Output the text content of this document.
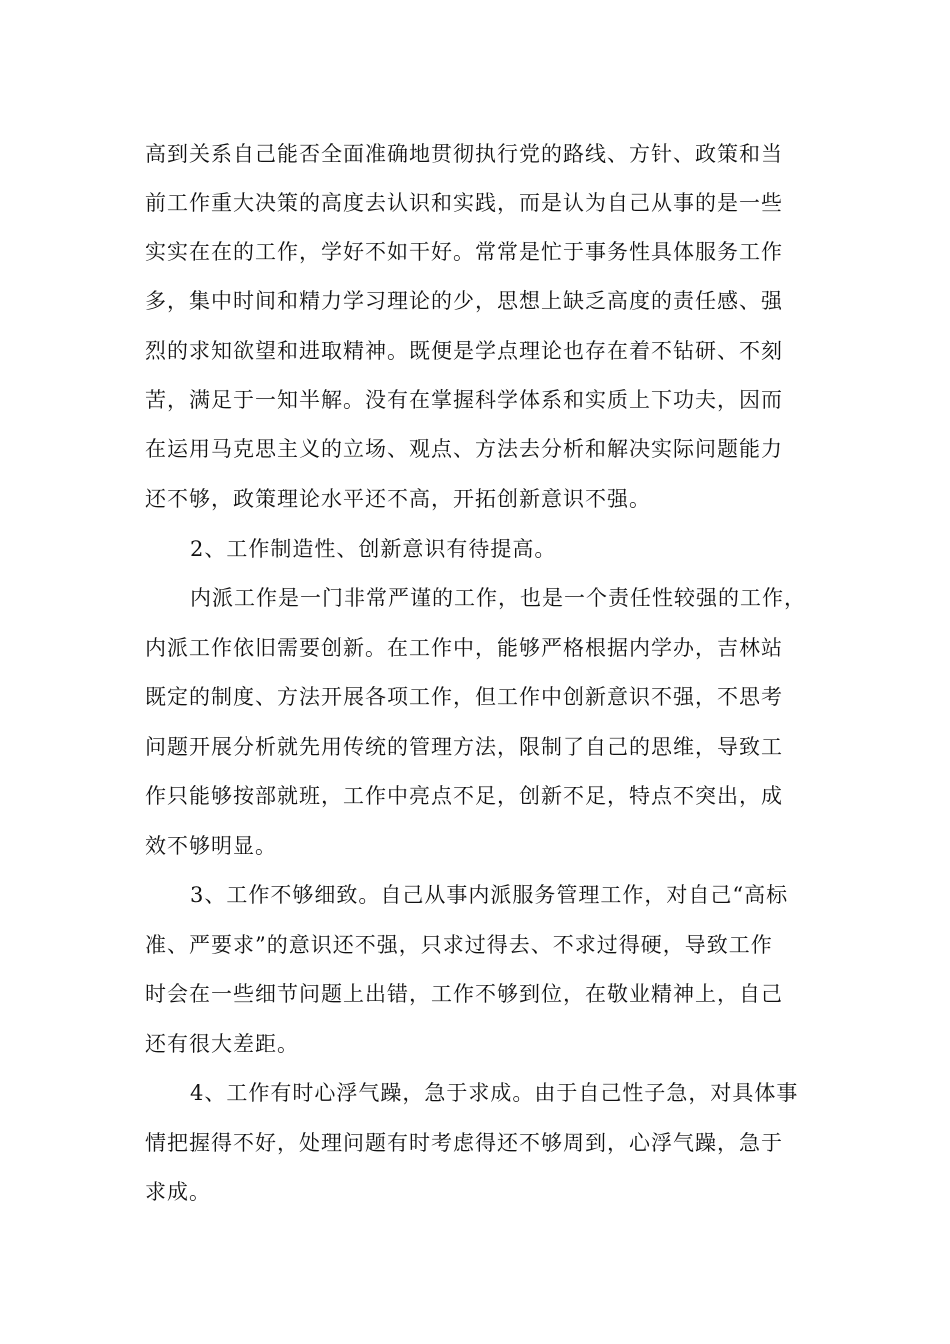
高到关系自己能否全面准确地贯彻执行党的路线、方针、政策和当
前工作重大决策的高度去认识和实践，而是认为自己从事的是一些
实实在在的工作，学好不如干好。常常是忙于事务性具体服务工作
多，集中时间和精力学习理论的少，思想上缺乏高度的责任感、强
烈的求知欲望和进取精神。既便是学点理论也存在着不钻研、不刻
苦，满足于一知半解。没有在掌握科学体系和实质上下功夫，因而
在运用马克思主义的立场、观点、方法去分析和解决实际问题能力
还不够，政策理论水平还不高，开拓创新意识不强。
2、工作制造性、创新意识有待提高。
内派工作是一门非常严谨的工作，也是一个责任性较强的工作，
内派工作依旧需要创新。在工作中，能够严格根据内学办，吉林站
既定的制度、方法开展各项工作，但工作中创新意识不强，不思考
问题开展分析就先用传统的管理方法，限制了自己的思维，导致工
作只能够按部就班，工作中亮点不足，创新不足，特点不突出，成
效不够明显。
3、工作不够细致。自己从事内派服务管理工作，对自己“高标
准、严要求”的意识还不强，只求过得去、不求过得硬，导致工作
时会在一些细节问题上出错，工作不够到位，在敬业精神上，自己
还有很大差距。
4、工作有时心浮气躁，急于求成。由于自己性子急，对具体事
情把握得不好，处理问题有时考虑得还不够周到，心浮气躁，急于
求成。
